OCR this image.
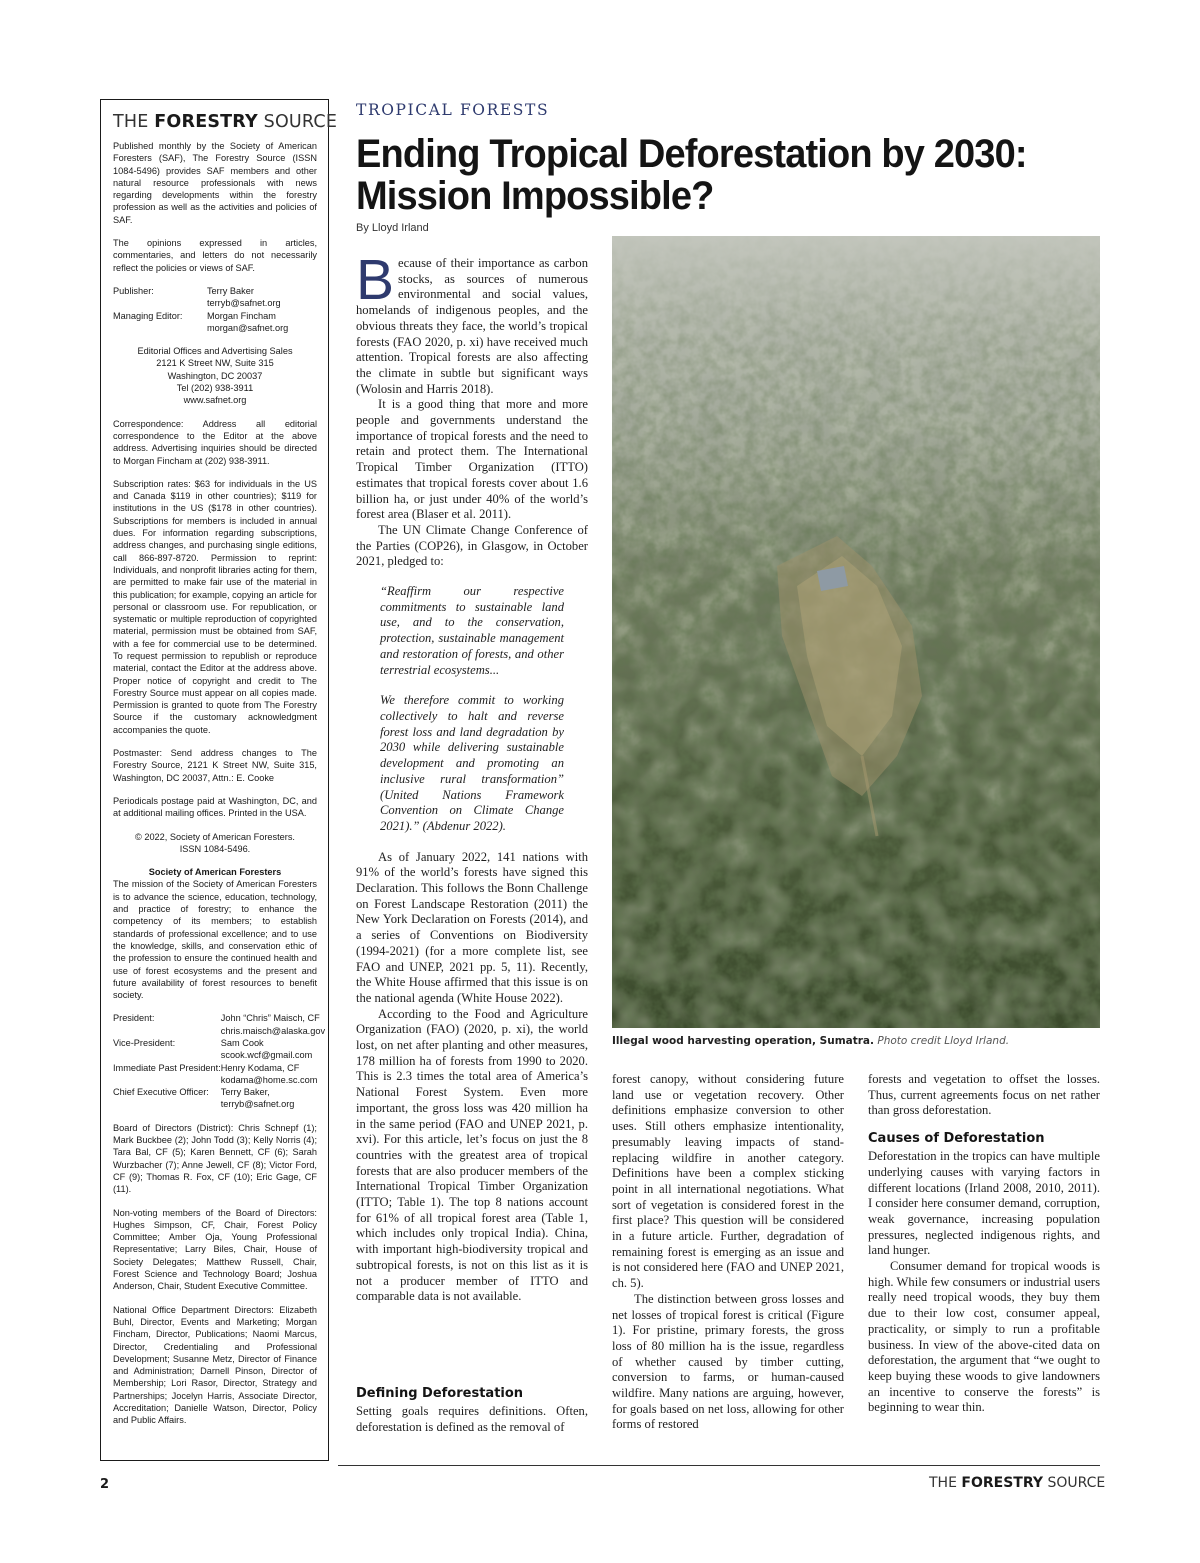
THE FORESTRY SOURCE

Published monthly by the Society of American Foresters (SAF), The Forestry Source (ISSN 1084-5496) provides SAF members and other natural resource professionals with news regarding developments within the forestry profession as well as the activities and policies of SAF.

The opinions expressed in articles, commentaries, and letters do not necessarily reflect the policies or views of SAF.

Publisher:	Terry Baker
terryb@safnet.org

Managing Editor:	Morgan Fincham
morgan@safnet.org
Editorial Offices and Advertising Sales
2121 K Street NW, Suite 315
Washington, DC 20037
Tel (202) 938-3911
www.safnet.org

Correspondence: Address all editorial correspondence to the Editor at the above address. Advertising inquiries should be directed to Morgan Fincham at (202) 938-3911.

Subscription rates: $63 for individuals in the US and Canada $119 in other countries); $119 for institutions in the US ($178 in other countries). Subscriptions for members is included in annual dues. For information regarding subscriptions, address changes, and purchasing single editions, call 866-897-8720. Permission to reprint: Individuals, and nonprofit libraries acting for them, are permitted to make fair use of the material in this publication; for example, copying an article for personal or classroom use. For republication, or systematic or multiple reproduction of copyrighted material, permission must be obtained from SAF, with a fee for commercial use to be determined. To request permission to republish or reproduce material, contact the Editor at the address above. Proper notice of copyright and credit to The Forestry Source must appear on all copies made. Permission is granted to quote from The Forestry Source if the customary acknowledgment accompanies the quote.

Postmaster: Send address changes to The Forestry Source, 2121 K Street NW, Suite 315, Washington, DC 20037, Attn.: E. Cooke

Periodicals postage paid at Washington, DC, and at additional mailing offices. Printed in the USA.

© 2022, Society of American Foresters.
ISSN 1084-5496.
Society of American Foresters

The mission of the Society of American Foresters is to advance the science, education, technology, and practice of forestry; to enhance the competency of its members; to establish standards of professional excellence; and to use the knowledge, skills, and conservation ethic of the profession to ensure the continued health and use of forest ecosystems and the present and future availability of forest resources to benefit society.

President:	John “Chris” Maisch, CF
chris.maisch@alaska.gov

Vice-President:	Sam Cook
scook.wcf@gmail.com

Immediate Past President:	Henry Kodama, CF
kodama@home.sc.com

Chief Executive Officer:	Terry Baker,
terryb@safnet.org

Board of Directors (District): Chris Schnepf (1); Mark Buckbee (2); John Todd (3); Kelly Norris (4); Tara Bal, CF (5); Karen Bennett, CF (6); Sarah Wurzbacher (7); Anne Jewell, CF (8); Victor Ford, CF (9); Thomas R. Fox, CF (10); Eric Gage, CF (11).

Non-voting members of the Board of Directors: Hughes Simpson, CF, Chair, Forest Policy Committee; Amber Oja, Young Professional Representative; Larry Biles, Chair, House of Society Delegates; Matthew Russell, Chair, Forest Science and Technology Board; Joshua Anderson, Chair, Student Executive Committee.

National Office Department Directors: Elizabeth Buhl, Director, Events and Marketing; Morgan Fincham, Director, Publications; Naomi Marcus, Director, Credentialing and Professional Development; Susanne Metz, Director of Finance and Administration; Darnell Pinson, Director of Membership; Lori Rasor, Director, Strategy and Partnerships; Jocelyn Harris, Associate Director, Accreditation; Danielle Watson, Director, Policy and Public Affairs.

TROPICAL FORESTS
Ending Tropical Deforestation by 2030: Mission Impossible?
By Lloyd Irland

Because of their importance as carbon stocks, as sources of numerous environmental and social values, homelands of indigenous peoples, and the obvious threats they face, the world’s tropical forests (FAO 2020, p. xi) have received much attention. Tropical forests are also affecting the climate in subtle but significant ways (Wolosin and Harris 2018).

It is a good thing that more and more people and governments understand the importance of tropical forests and the need to retain and protect them. The International Tropical Timber Organization (ITTO) estimates that tropical forests cover about 1.6 billion ha, or just under 40% of the world’s forest area (Blaser et al. 2011).

The UN Climate Change Conference of the Parties (COP26), in Glasgow, in October 2021, pledged to:

“Reaffirm our respective commitments to sustainable land use, and to the conservation, protection, sustainable management and restoration of forests, and other terrestrial ecosystems...

We therefore commit to working collectively to halt and reverse forest loss and land degradation by 2030 while delivering sustainable development and promoting an inclusive rural transformation” (United Nations Framework Convention on Climate Change 2021).” (Abdenur 2022).

As of January 2022, 141 nations with 91% of the world’s forests have signed this Declaration. This follows the Bonn Challenge on Forest Landscape Restoration (2011) the New York Declaration on Forests (2014), and a series of Conventions on Biodiversity (1994-2021) (for a more complete list, see FAO and UNEP, 2021 pp. 5, 11). Recently, the White House affirmed that this issue is on the national agenda (White House 2022).

According to the Food and Agriculture Organization (FAO) (2020, p. xi), the world lost, on net after planting and other measures, 178 million ha of forests from 1990 to 2020. This is 2.3 times the total area of America’s National Forest System. Even more important, the gross loss was 420 million ha in the same period (FAO and UNEP 2021, p. xvi). For this article, let’s focus on just the 8 countries with the greatest area of tropical forests that are also producer members of the International Tropical Timber Organization (ITTO; Table 1). The top 8 nations account for 61% of all tropical forest area (Table 1, which includes only tropical India). China, with important high-biodiversity tropical and subtropical forests, is not on this list as it is not a producer member of ITTO and comparable data is not available.

Defining Deforestation

Setting goals requires definitions. Often, deforestation is defined as the removal of

Illegal wood harvesting operation, Sumatra. Photo credit Lloyd Irland.

forest canopy, without considering future land use or vegetation recovery. Other definitions emphasize conversion to other uses. Still others emphasize intentionality, presumably leaving impacts of stand-replacing wildfire in another category. Definitions have been a complex sticking point in all international negotiations. What sort of vegetation is considered forest in the first place? This question will be considered in a future article. Further, degradation of remaining forest is emerging as an issue and is not considered here (FAO and UNEP 2021, ch. 5).

The distinction between gross losses and net losses of tropical forest is critical (Figure 1). For pristine, primary forests, the gross loss of 80 million ha is the issue, regardless of whether caused by timber cutting, conversion to farms, or human-caused wildfire. Many nations are arguing, however, for goals based on net loss, allowing for other forms of restored

forests and vegetation to offset the losses. Thus, current agreements focus on net rather than gross deforestation.

Causes of Deforestation

Deforestation in the tropics can have multiple underlying causes with varying factors in different locations (Irland 2008, 2010, 2011). I consider here consumer demand, corruption, weak governance, increasing population pressures, neglected indigenous rights, and land hunger.

Consumer demand for tropical woods is high. While few consumers or industrial users really need tropical woods, they buy them due to their low cost, consumer appeal, practicality, or simply to run a profitable business. In view of the above-cited data on deforestation, the argument that “we ought to keep buying these woods to give landowners an incentive to conserve the forests” is beginning to wear thin.

2	THE FORESTRY SOURCE
